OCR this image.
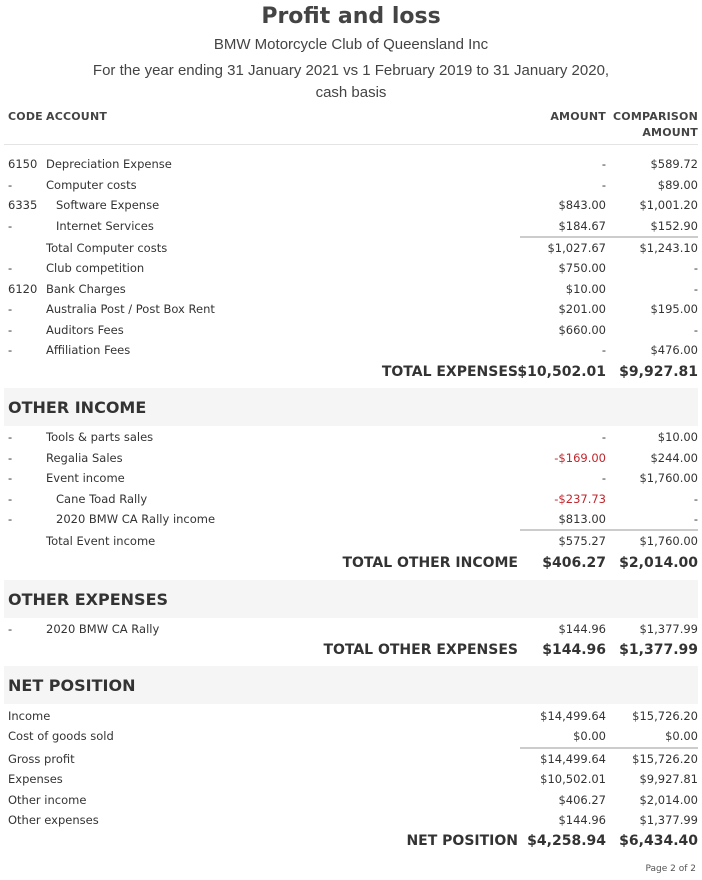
Profit and loss
BMW Motorcycle Club of Queensland Inc
For the year ending 31 January 2021 vs 1 February 2019 to 31 January 2020,
cash basis
CODE ACCOUNT	AMOUNT COMPARISON
AMOUNT
6150 Depreciation Expense	-	$589.72
-	Computer costs	-	$89.00
6335 Software Expense	$843.00	$1,001.20
-	Internet Services	$184.67	$152.90
Total Computer costs	$1,027.67	$1,243.10
-	Club competition	$750.00	-
6120 Bank Charges	$10.00	-
-	Australia Post / Post Box Rent	$201.00	$195.00
-	Auditors Fees	$660.00	-
-	Affiliation Fees	-	$476.00
TOTAL EXPENSES $10,502.01 $9,927.81
OTHER INCOME
-	Tools & parts sales	-	$10.00
-	Regalia Sales	-$169.00	$244.00
-	Event income	-	$1,760.00
-	Cane Toad Rally	-$237.73	-
-	2020 BMW CA Rally income	$813.00	-
Total Event income	$575.27	$1,760.00
TOTAL OTHER INCOME $406.27 $2,014.00
OTHER EXPENSES
-	2020 BMW CA Rally	$144.96	$1,377.99
TOTAL OTHER EXPENSES $144.96 $1,377.99
NET POSITION
Income	$14,499.64 $15,726.20
Cost of goods sold	$0.00	$0.00
Gross profit	$14,499.64 $15,726.20
Expenses	$10,502.01	$9,927.81
Other income	$406.27	$2,014.00
Other expenses	$144.96	$1,377.99
NET POSITION $4,258.94 $6,434.40
Page 2 of 2
